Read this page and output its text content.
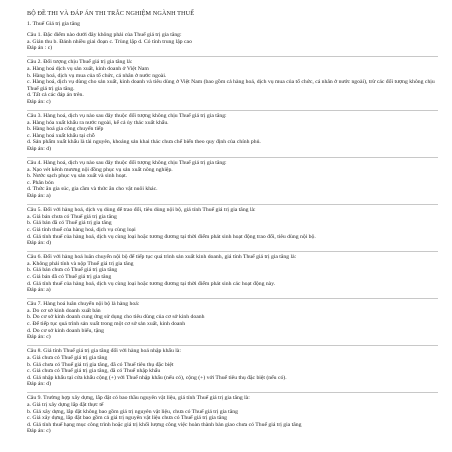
BỘ ĐỀ THI VÀ ĐÁP ÁN THI TRẮC NGHIỆM NGÀNH THUẾ
1. Thuế Giá trị gia tăng
Câu 1. Đặc điểm nào dưới đây không phải của Thuế giá trị gia tăng:
a. Gián thu b. Đánh nhiều giai đoạn c. Trùng lặp d. Có tính trung lập cao
Đáp án : c)
Câu 2. Đối tượng chịu Thuế giá trị gia tăng là:
a. Hàng hoá dịch vụ sản xuất, kinh doanh ở Việt Nam
b. Hàng hoá, dịch vụ mua của tổ chức, cá nhân ở nước ngoài.
c. Hàng hoá, dịch vụ dùng cho sản xuất, kinh doanh và tiêu dùng ở Việt Nam (bao gồm cả hàng hoá, dịch vụ mua của tổ chức, cá nhân ở nước ngoài), trừ các đối tượng không chịu Thuế giá trị gia tăng.
d. Tất cả các đáp án trên.
Đáp án: c)
Câu 3. Hàng hoá, dịch vụ nào sau đây thuộc đối tượng không chịu Thuế giá trị gia tăng:
a. Hàng hóa xuất khẩu ra nước ngoài, kể cả ủy thác xuất khẩu.
b. Hàng hoá gia công chuyển tiếp
c. Hàng hoá xuất khẩu tại chỗ
d. Sản phẩm xuất khẩu là tài nguyên, khoáng sản khai thác chưa chế biến theo quy định của chính phủ.
Đáp án: d)
Câu 4. Hàng hoá, dịch vụ nào sau đây thuộc đối tượng không chịu Thuế giá trị gia tăng:
a. Nạo vét kênh mương nội đồng phục vụ sản xuất nông nghiệp.
b. Nước sạch phục vụ sản xuất và sinh hoạt.
c. Phân bón
d. Thức ăn gia súc, gia cầm và thức ăn cho vật nuôi khác.
Đáp án: a)
Câu 5. Đối với hàng hoá, dịch vụ dùng để trao đổi, tiêu dùng nội bộ, giá tính Thuế giá trị gia tăng là:
a. Giá bán chưa có Thuế giá trị gia tăng
b. Giá bán đã có Thuế giá trị gia tăng
c. Giá tính thuế của hàng hoá, dịch vụ cùng loại
d. Giá tính thuế của hàng hoá, dịch vụ cùng loại hoặc tương đương tại thời điểm phát sinh hoạt động trao đổi, tiêu dùng nội bộ.
Đáp án: d)
Câu 6. Đối với hàng hoá luân chuyển nội bộ để tiếp tục quá trình sản xuất kinh doanh, giá tính Thuế giá trị gia tăng là:
a. Không phải tính và nộp Thuế giá trị gia tăng
b. Giá bán chưa có Thuế giá trị gia tăng
c. Giá bán đã có Thuế giá trị gia tăng
d. Giá tính thuế của hàng hoá, dịch vụ cùng loại hoặc tương đương tại thời điểm phát sinh các hoạt động này.
Đáp án: a)
Câu 7. Hàng hoá luân chuyển nội bộ là hàng hoá:
a. Do cơ sở kinh doanh xuất bán
b. Do cơ sở kinh doanh cung ứng sử dụng cho tiêu dùng của cơ sở kinh doanh
c. Để tiếp tục quá trình sản xuất trong một cơ sở sản xuất, kinh doanh
d. Do cơ sở kinh doanh biếu, tặng
Đáp án: c)
Câu 8. Giá tính Thuế giá trị gia tăng đối với hàng hoá nhập khẩu là:
a. Giá chưa có Thuế giá trị gia tăng
b. Giá chưa có Thuế giá trị gia tăng, đã có Thuế tiêu thụ đặc biệt
c. Giá chưa có Thuế giá trị gia tăng, đã có Thuế nhập khẩu
d. Giá nhập khẩu tại cửa khẩu cộng (+) với Thuế nhập khẩu (nếu có), cộng (+) với Thuế tiêu thụ đặc biệt (nếu có).
Đáp án: d)
Câu 9. Trường hợp xây dựng, lắp đặt có bao thầu nguyên vật liệu, giá tính Thuế giá trị gia tăng là:
a. Giá trị xây dựng lắp đặt thực tế
b. Giá xây dựng, lắp đặt không bao gồm giá trị nguyên vật liệu, chưa có Thuế giá trị gia tăng
c. Giá xây dựng, lắp đặt bao gồm cả giá trị nguyên vật liệu chưa có Thuế giá trị gia tăng
d. Giá tính thuế hạng mục công trình hoặc giá trị khối lượng công việc hoàn thành bàn giao chưa có Thuế giá trị gia tăng
Đáp án: c)
